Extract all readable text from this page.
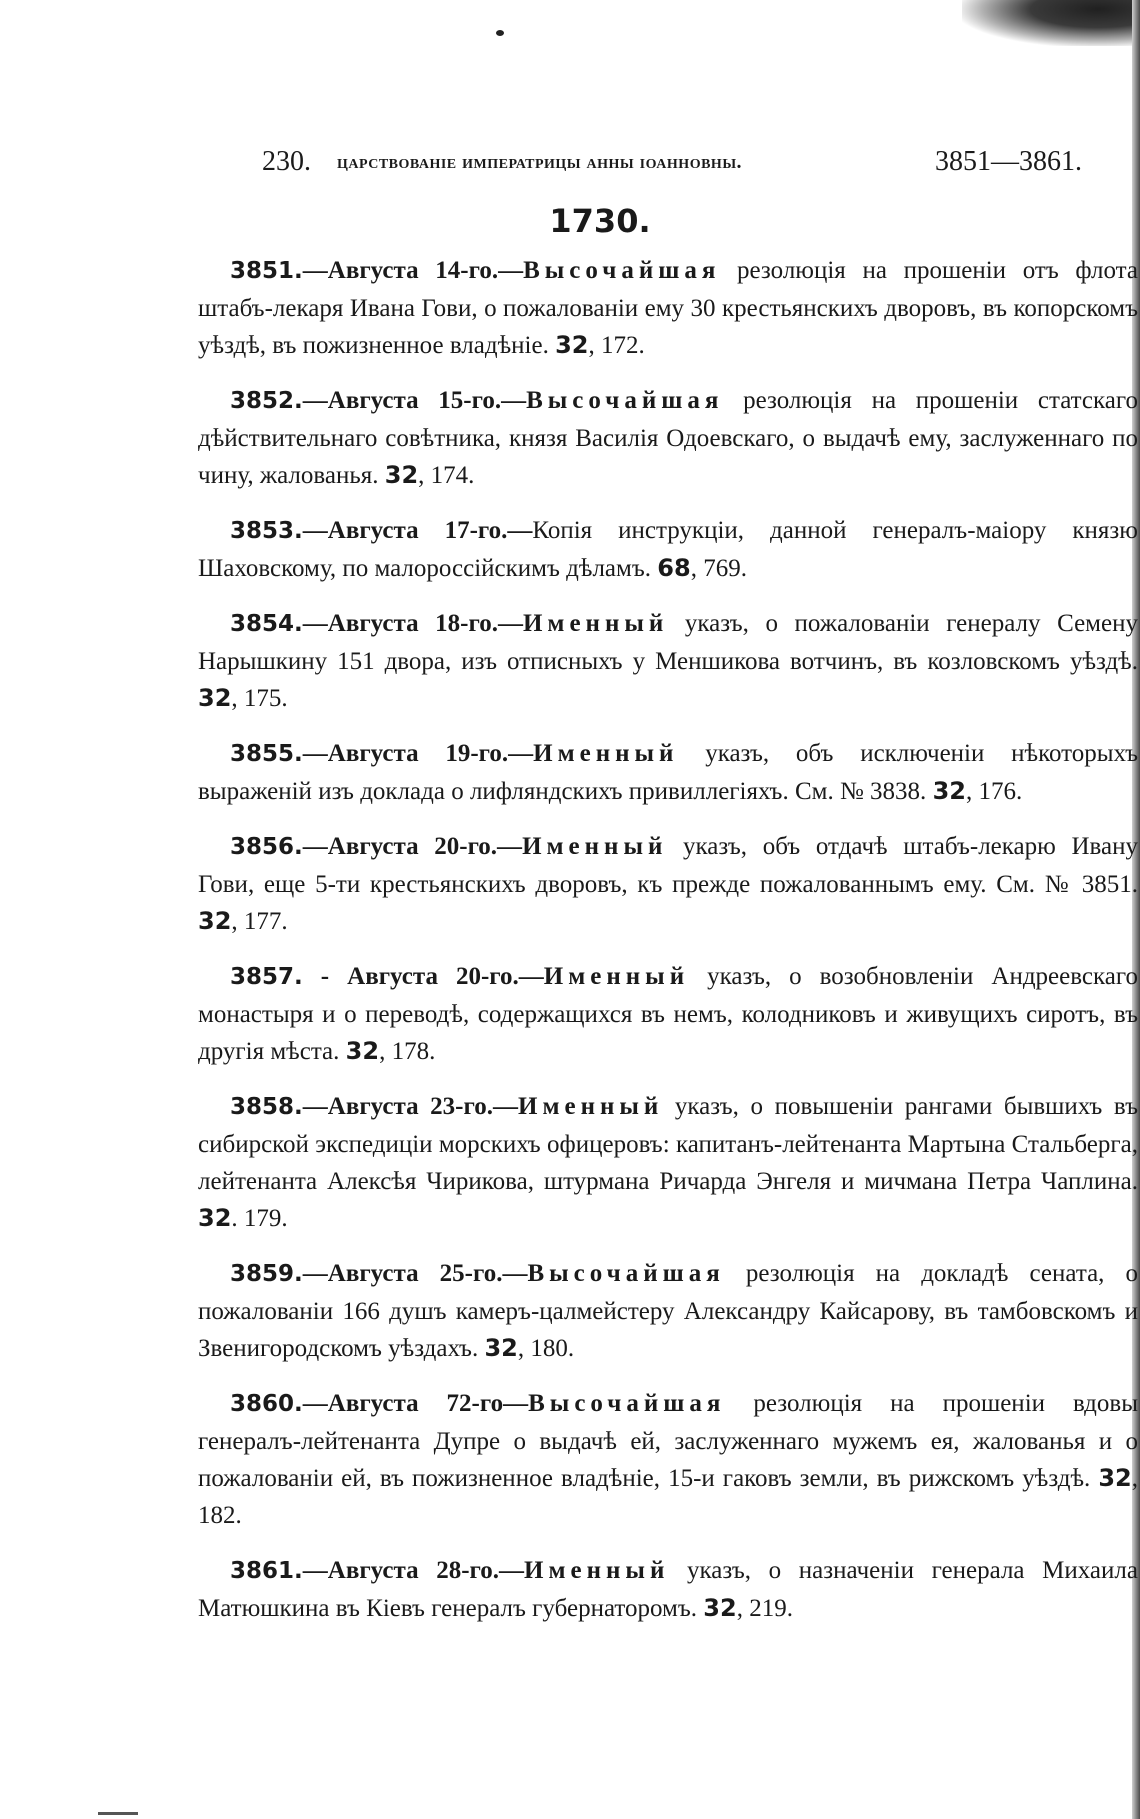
230. царствованіе императрицы анны іоанновны.	3851—3861.
1730.

3851.—Августа 14-го.—Высочайшая резолюція на прошеніи отъ флота штабъ-лекаря Ивана Гови, о пожалованіи ему 30 крестьянскихъ дворовъ, въ копорскомъ уѣздѣ, въ пожизненное владѣніе. 32, 172.

3852.—Августа 15-го.—Высочайшая резолюція на прошеніи статскаго дѣйствительнаго совѣтника, князя Василія Одоевскаго, о выдачѣ ему, заслуженнаго по чину, жалованья. 32, 174.

3853.—Августа 17-го.—Копія инструкціи, данной генералъ-маіору князю Шаховскому, по малороссійскимъ дѣламъ. 68, 769.

3854.—Августа 18-го.—Именный указъ, о пожалованіи генералу Семену Нарышкину 151 двора, изъ отписныхъ у Меншикова вотчинъ, въ козловскомъ уѣздѣ. 32, 175.

3855.—Августа 19-го.—Именный указъ, объ исключеніи нѣкоторыхъ выраженій изъ доклада о лифляндскихъ привиллегіяхъ. См. № 3838. 32, 176.

3856.—Августа 20-го.—Именный указъ, объ отдачѣ штабъ-лекарю Ивану Гови, еще 5-ти крестьянскихъ дворовъ, къ прежде пожалованнымъ ему. См. № 3851. 32, 177.

3857. - Августа 20-го.—Именный указъ, о возобновленіи Андреевскаго монастыря и о переводѣ, содержащихся въ немъ, колодниковъ и живущихъ сиротъ, въ другія мѣста. 32, 178.

3858.—Августа 23-го.—Именный указъ, о повышеніи рангами бывшихъ въ сибирской экспедиціи морскихъ офицеровъ: капитанъ-лейтенанта Мартына Стальберга, лейтенанта Алексѣя Чирикова, штурмана Ричарда Энгеля и мичмана Петра Чаплина. 32. 179.

3859.—Августа 25-го.—Высочайшая резолюція на докладѣ сената, о пожалованіи 166 душъ камеръ-цалмейстеру Александру Кайсарову, въ тамбовскомъ и Звенигородскомъ уѣздахъ. 32, 180.

3860.—Августа 72-го—Высочайшая резолюція на прошеніи вдовы генералъ-лейтенанта Дупре о выдачѣ ей, заслуженнаго мужемъ ея, жалованья и о пожалованіи ей, въ пожизненное владѣніе, 15-и гаковъ земли, въ рижскомъ уѣздѣ. 32, 182.

3861.—Августа 28-го.—Именный указъ, о назначеніи генерала Михаила Матюшкина въ Кіевъ генералъ губернаторомъ. 32, 219.
